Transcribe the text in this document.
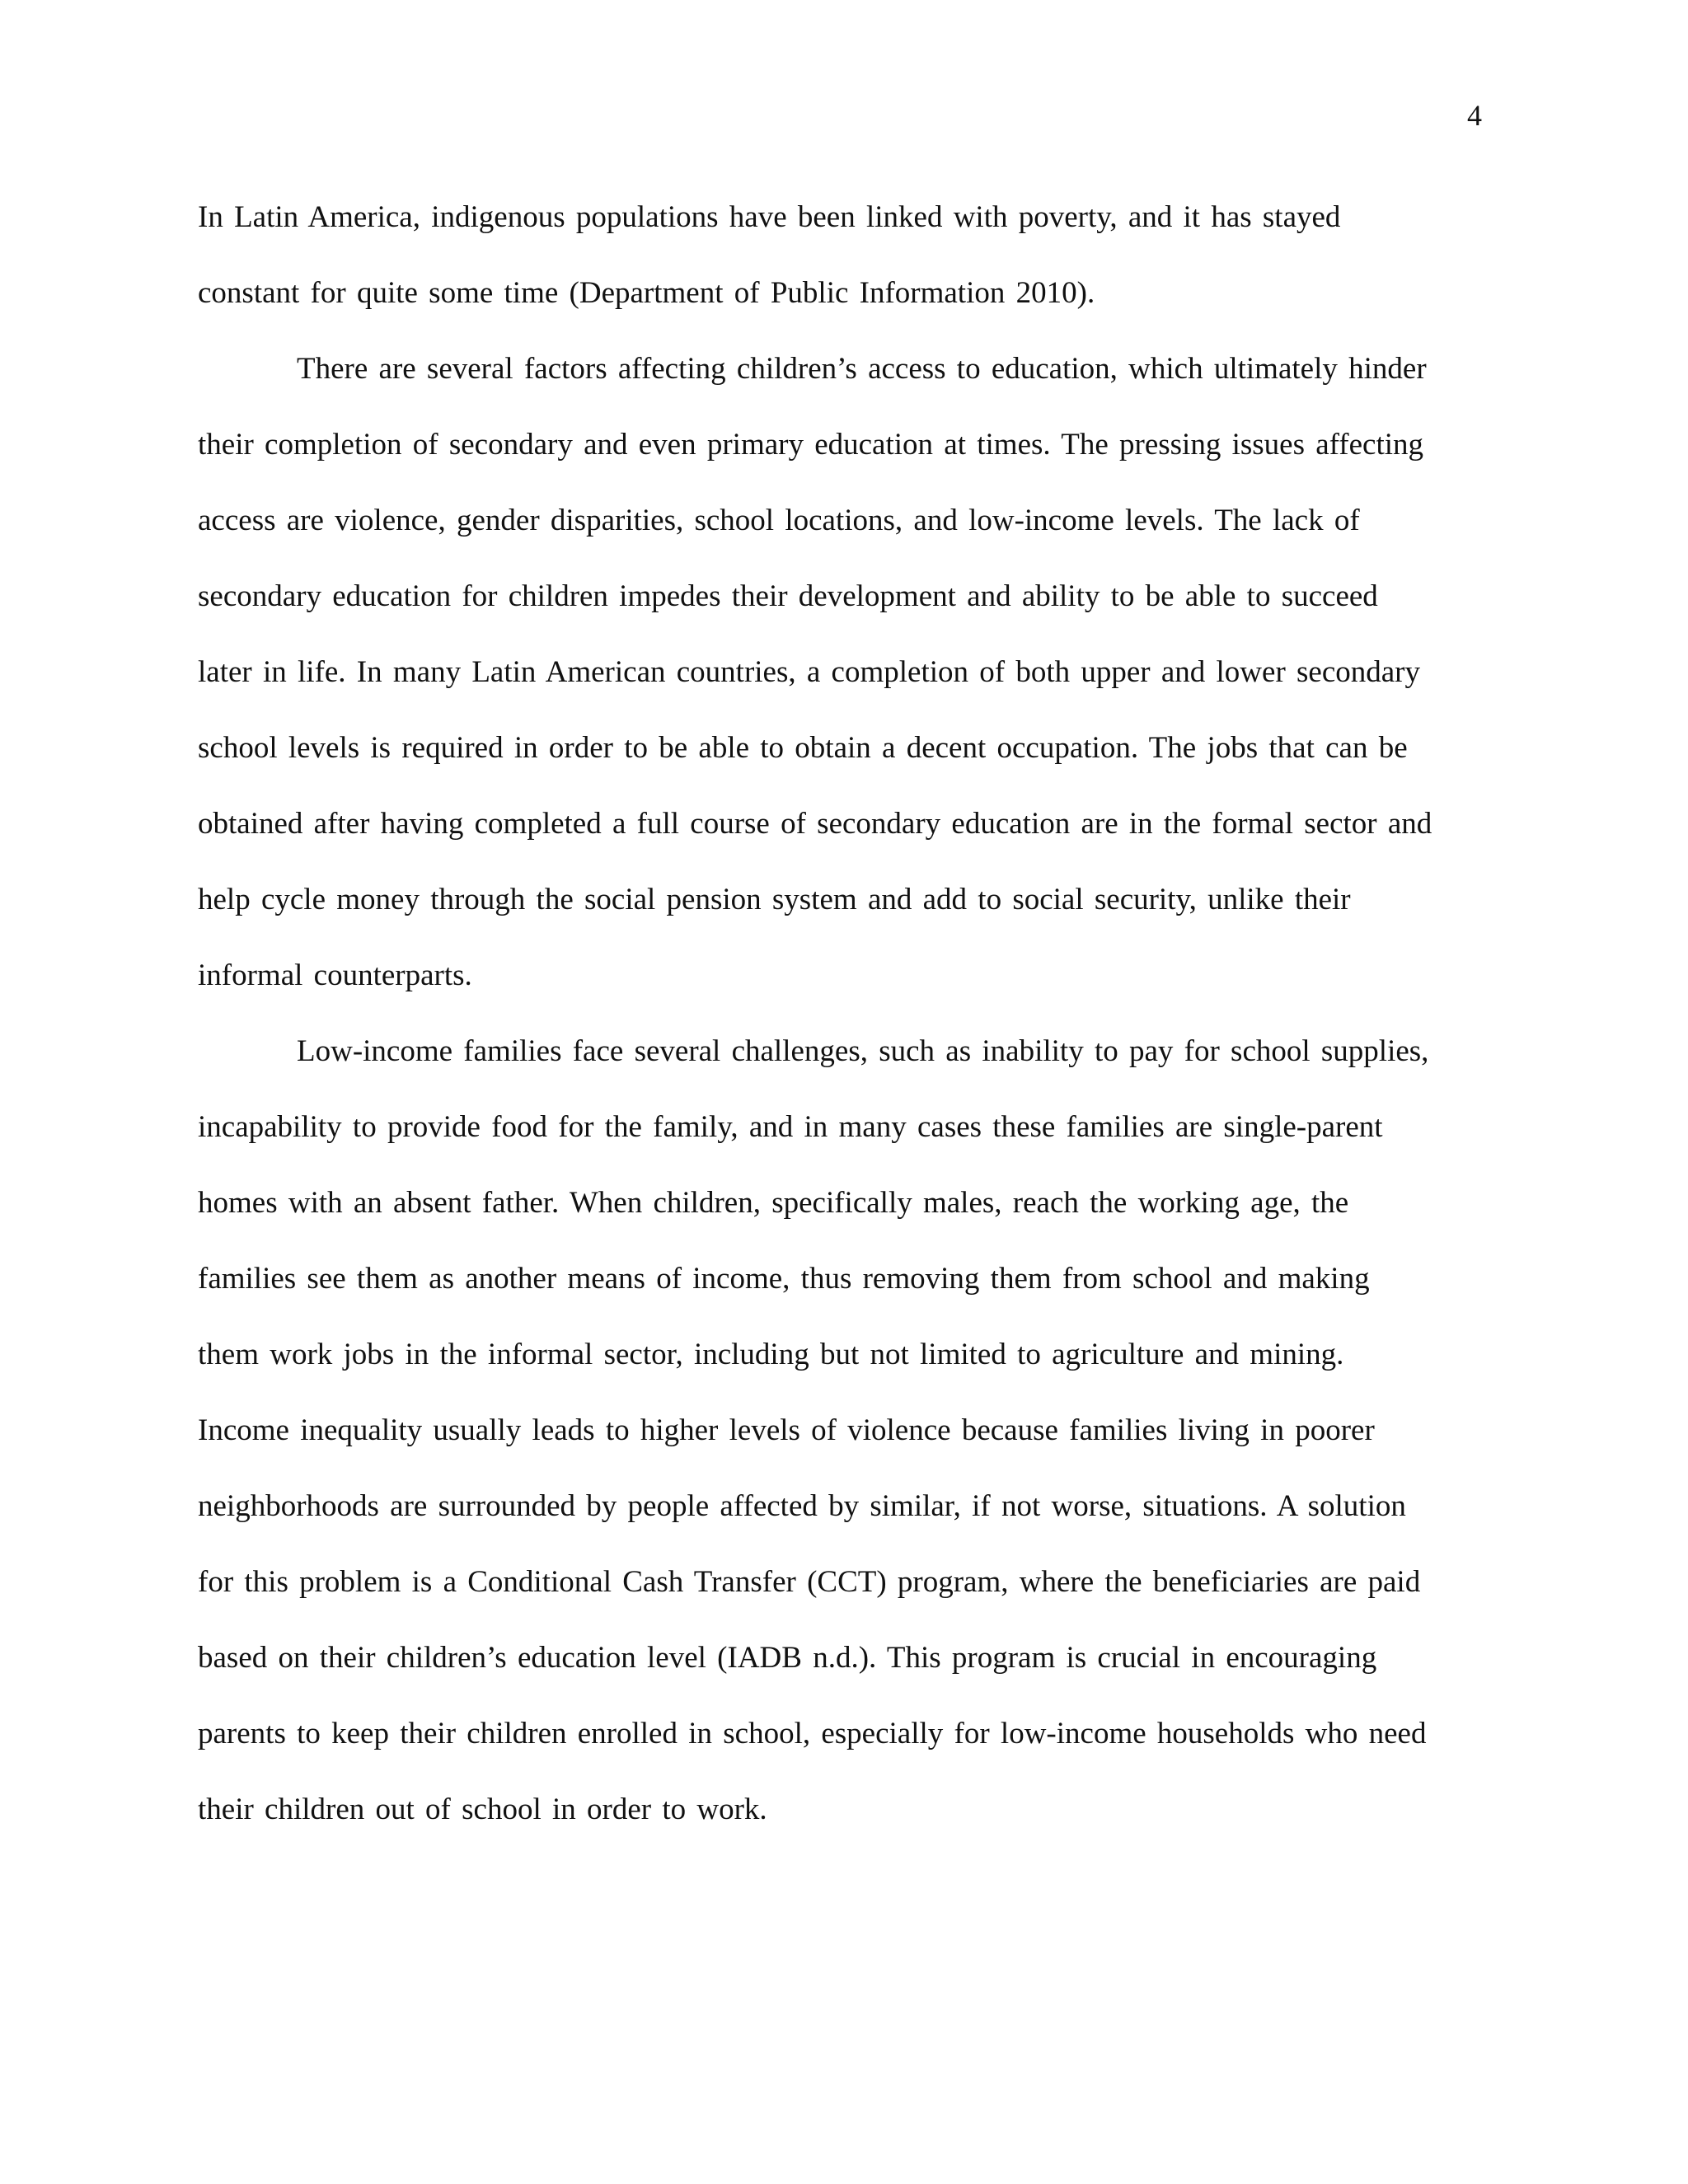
4
In Latin America, indigenous populations have been linked with poverty, and it has stayed
constant for quite some time (Department of Public Information 2010).
There are several factors affecting children’s access to education, which ultimately hinder
their completion of secondary and even primary education at times. The pressing issues affecting
access are violence, gender disparities, school locations, and low-income levels. The lack of
secondary education for children impedes their development and ability to be able to succeed
later in life. In many Latin American countries, a completion of both upper and lower secondary
school levels is required in order to be able to obtain a decent occupation. The jobs that can be
obtained after having completed a full course of secondary education are in the formal sector and
help cycle money through the social pension system and add to social security, unlike their
informal counterparts.
Low-income families face several challenges, such as inability to pay for school supplies,
incapability to provide food for the family, and in many cases these families are single-parent
homes with an absent father. When children, specifically males, reach the working age, the
families see them as another means of income, thus removing them from school and making
them work jobs in the informal sector, including but not limited to agriculture and mining.
Income inequality usually leads to higher levels of violence because families living in poorer
neighborhoods are surrounded by people affected by similar, if not worse, situations. A solution
for this problem is a Conditional Cash Transfer (CCT) program, where the beneficiaries are paid
based on their children’s education level (IADB n.d.). This program is crucial in encouraging
parents to keep their children enrolled in school, especially for low-income households who need
their children out of school in order to work.
